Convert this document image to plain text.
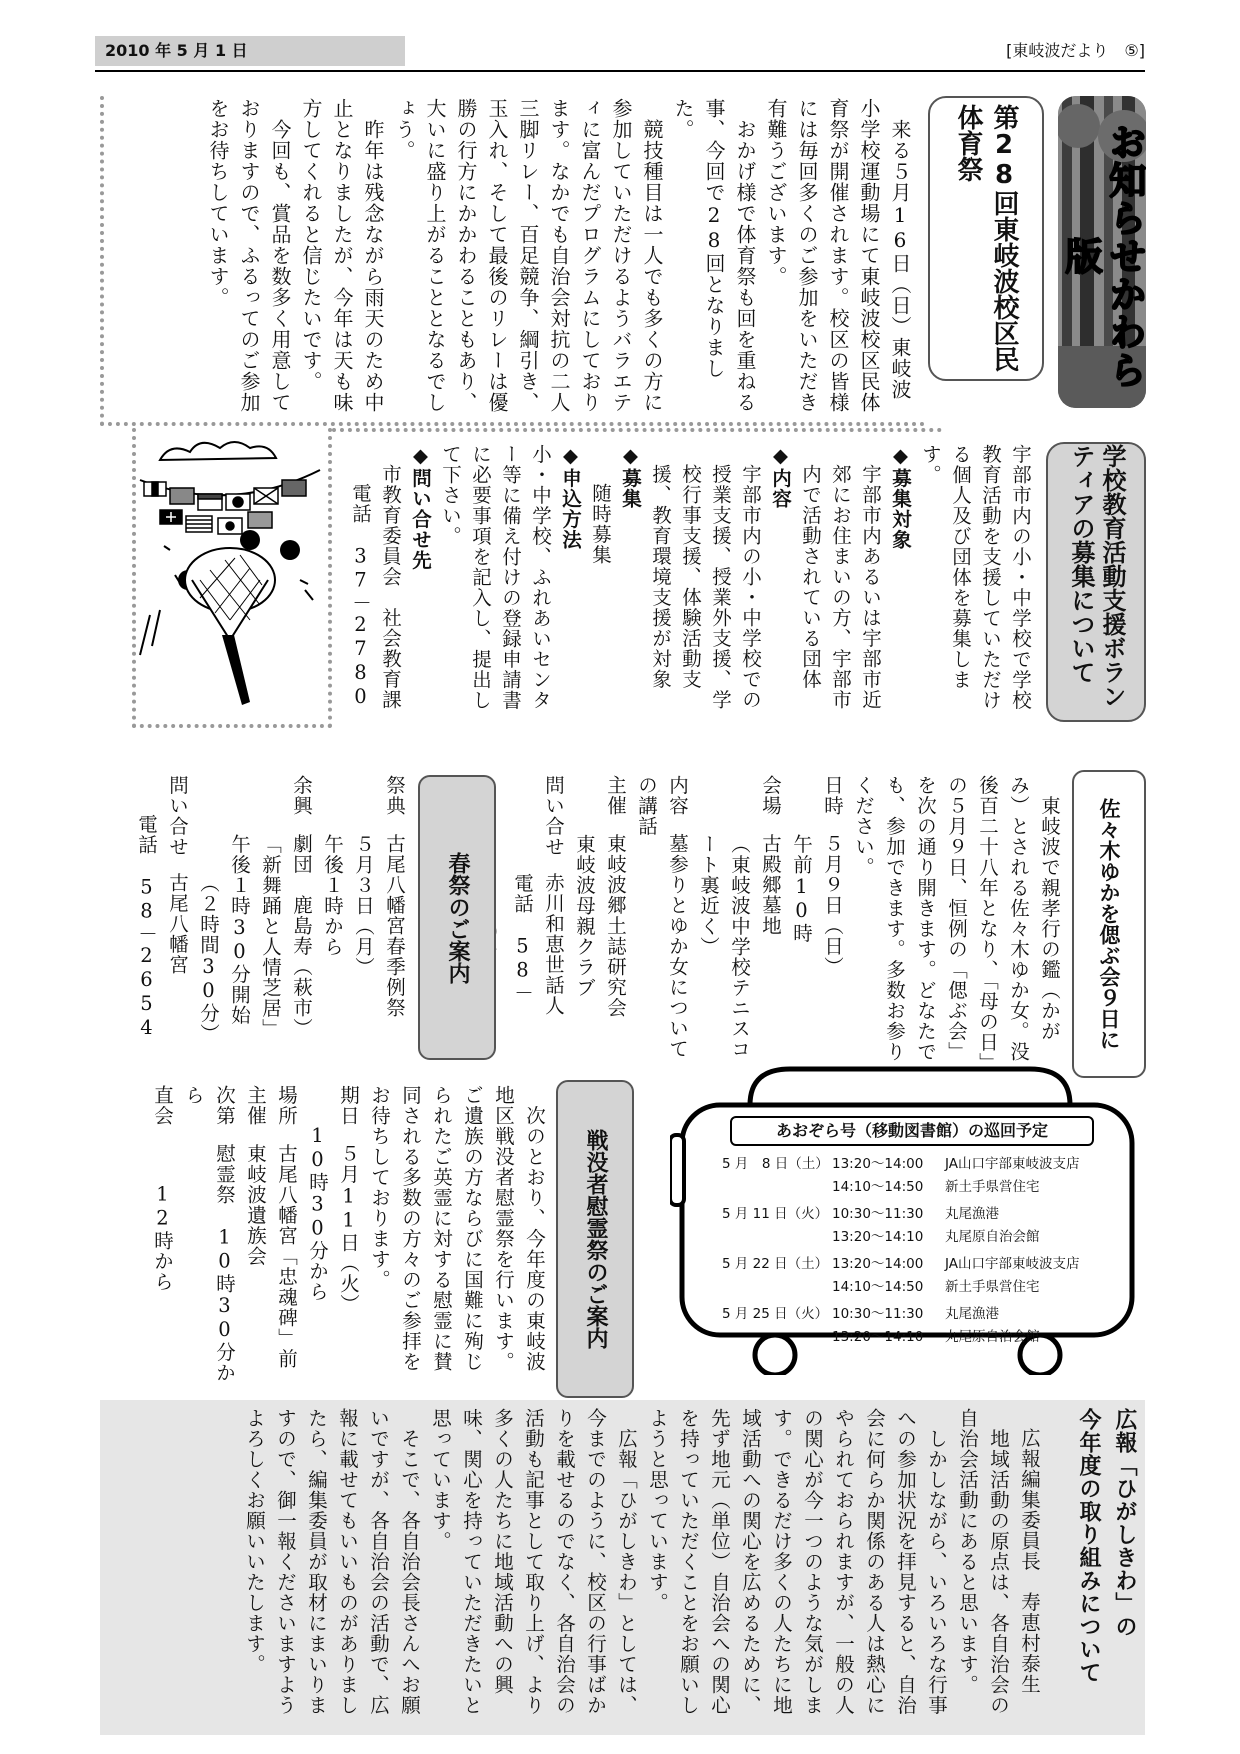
2010 年 5 月 1 日	[東岐波だより　⑤]
お知らせかわら版
第28回東岐波校区民体育祭

　来る５月16日（日）東岐波小学校運動場にて東岐波校区民体育祭が開催されます。校区の皆様には毎回多くのご参加をいただき有難うございます。

　おかげ様で体育祭も回を重ねる事、今回で28回となりました。

　競技種目は一人でも多くの方に参加していただけるようバラエティに富んだプログラムにしております。なかでも自治会対抗の二人三脚リレー、百足競争、綱引き、玉入れ、そして最後のリレーは優勝の行方にかかわることもあり、大いに盛り上がることとなるでしょう。

　昨年は残念ながら雨天のため中止となりましたが、今年は天も味方してくれると信じたいです。

　今回も、賞品を数多く用意しておりますので、ふるってのご参加をお待ちしています。

学校教育活動支援ボランティアの募集について

宇部市内の小・中学校で学校教育活動を支援していただける個人及び団体を募集します。

◆募集対象

宇部市内あるいは宇部市近郊にお住まいの方、宇部市内で活動されている団体

◆内容

宇部市内の小・中学校での授業支援、授業外支援、学校行事支援、体験活動支援、教育環境支援が対象

◆募集

随時募集

◆申込方法

小・中学校、ふれあいセンター等に備え付けの登録申請書に必要事項を記入し、提出して下さい。

◆問い合せ先

市教育委員会　社会教育課

電話　37－2780

佐々木ゆかを偲ぶ会９日に

　東岐波で親孝行の鑑（かがみ）とされる佐々木ゆか女。没後百二十八年となり、「母の日」の５月９日、恒例の「偲ぶ会」を次の通り開きます。どなたでも、参加できます。多数お参りください。

日時５月９日（日）

午前10時

会場古殿郷墓地

（東岐波中学校テニスコート裏近く）

内容墓参りとゆか女についての講話

主催東岐波郷土誌研究会

東岐波母親クラブ

問い合せ赤川和恵世話人

電話　58－

春祭のご案内

祭典古尾八幡宮春季例祭

５月３日（月）

午後１時から

余興劇団　鹿島寿（萩市）

「新舞踊と人情芝居」

午後１時30分開始

（２時間30分）

問い合せ古尾八幡宮

電話　58－2654

戦没者慰霊祭のご案内

　次のとおり、今年度の東岐波地区戦没者慰霊祭を行います。ご遺族の方ならびに国難に殉じられたご英霊に対する慰霊に賛同される多数の方々のご参拝をお待ちしております。

期日５月11日（火）

10時30分から

場所古尾八幡宮「忠魂碑」前

主催東岐波遺族会

次第慰霊祭　10時30分から

直会12時から

あおぞら号（移動図書館）の巡回予定
5 月　8 日（土） 13:20～14:00 JA山口宇部東岐波支店
14:10～14:50 新土手県営住宅
5 月 11 日（火） 10:30～11:30 丸尾漁港
13:20～14:10 丸尾原自治会館
5 月 22 日（土） 13:20～14:00 JA山口宇部東岐波支店
14:10～14:50 新土手県営住宅
5 月 25 日（火） 10:30～11:30 丸尾漁港
13:20～14:10 丸尾原自治会館

広報「ひがしきわ」の

今年度の取り組みについて

広報編集委員長　寿恵村泰生

　地域活動の原点は、各自治会の自治会活動にあると思います。

　しかしながら、いろいろな行事への参加状況を拝見すると、自治会に何らか関係のある人は熱心にやられておられますが、一般の人の関心が今一つのような気がします。できるだけ多くの人たちに地域活動への関心を広めるために、先ず地元（単位）自治会への関心を持っていただくことをお願いしようと思っています。

　広報「ひがしきわ」としては、今までのように、校区の行事ばかりを載せるのでなく、各自治会の活動も記事として取り上げ、より多くの人たちに地域活動への興味、関心を持っていただきたいと思っています。

　そこで、各自治会長さんへお願いですが、各自治会の活動で、広報に載せてもいいものがありましたら、編集委員が取材にまいりますので、御一報くださいますようよろしくお願いいたします。
